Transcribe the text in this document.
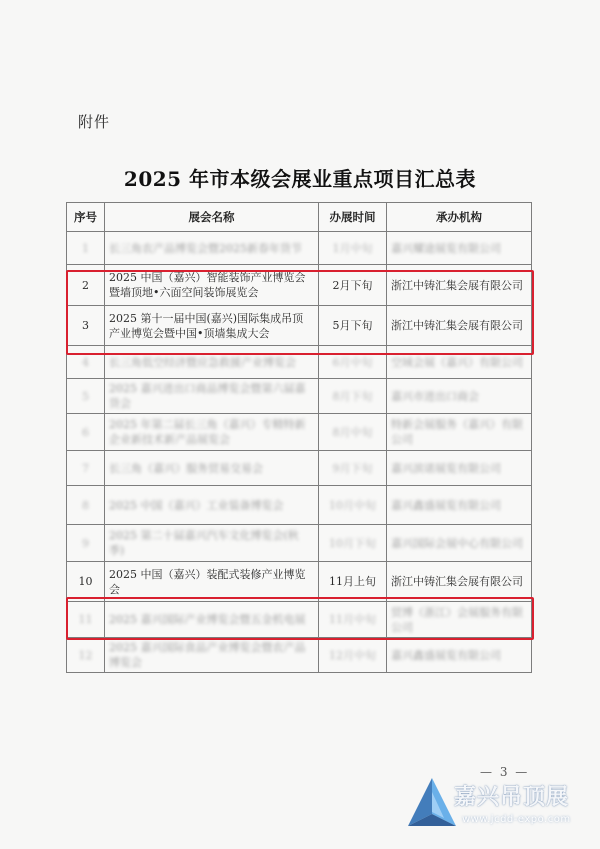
附件
2025 年市本级会展业重点项目汇总表
序号	展会名称	办展时间	承办机构
1	长三角农产品博览会暨2025新春年货节	1月中旬	嘉兴耀途展览有限公司
2	2025 中国（嘉兴）智能装饰产业博览会暨墙顶地•六面空间装饰展览会	2月下旬	浙江中铸汇集会展有限公司
3	2025 第十一届中国(嘉兴)国际集成吊顶产业博览会暨中国•顶墙集成大会	5月下旬	浙江中铸汇集会展有限公司
4	长三角低空经济暨应急救援产业博览会	6月中旬	空域会展（嘉兴）有限公司
5	2025 嘉兴进出口商品博览会暨第六届嘉货会	8月下旬	嘉兴市进出口商会
6	2025 年第二届长三角（嘉兴）专精特新企业新技术新产品展览会	8月中旬	特新会展服务（嘉兴）有限公司
7	长三角（嘉兴）服务贸易交易会	9月下旬	嘉兴滨诺展览有限公司
8	2025 中国（嘉兴）工业装备博览会	10月中旬	嘉兴鑫盛展览有限公司
9	2025 第二十届嘉兴汽车文化博览会(秋季)	10月下旬	嘉兴国际会展中心有限公司
10	2025 中国（嘉兴）装配式装修产业博览会	11月上旬	浙江中铸汇集会展有限公司
11	2025 嘉兴国际产业博览会暨五金机电展	11月中旬	贸博（浙江）会展服务有限公司
12	2025 嘉兴国际食品产业博览会暨农产品博览会	12月中旬	嘉兴鑫盛展览有限公司
— 3 —
嘉兴吊顶展
www.jcdd-expo.com
